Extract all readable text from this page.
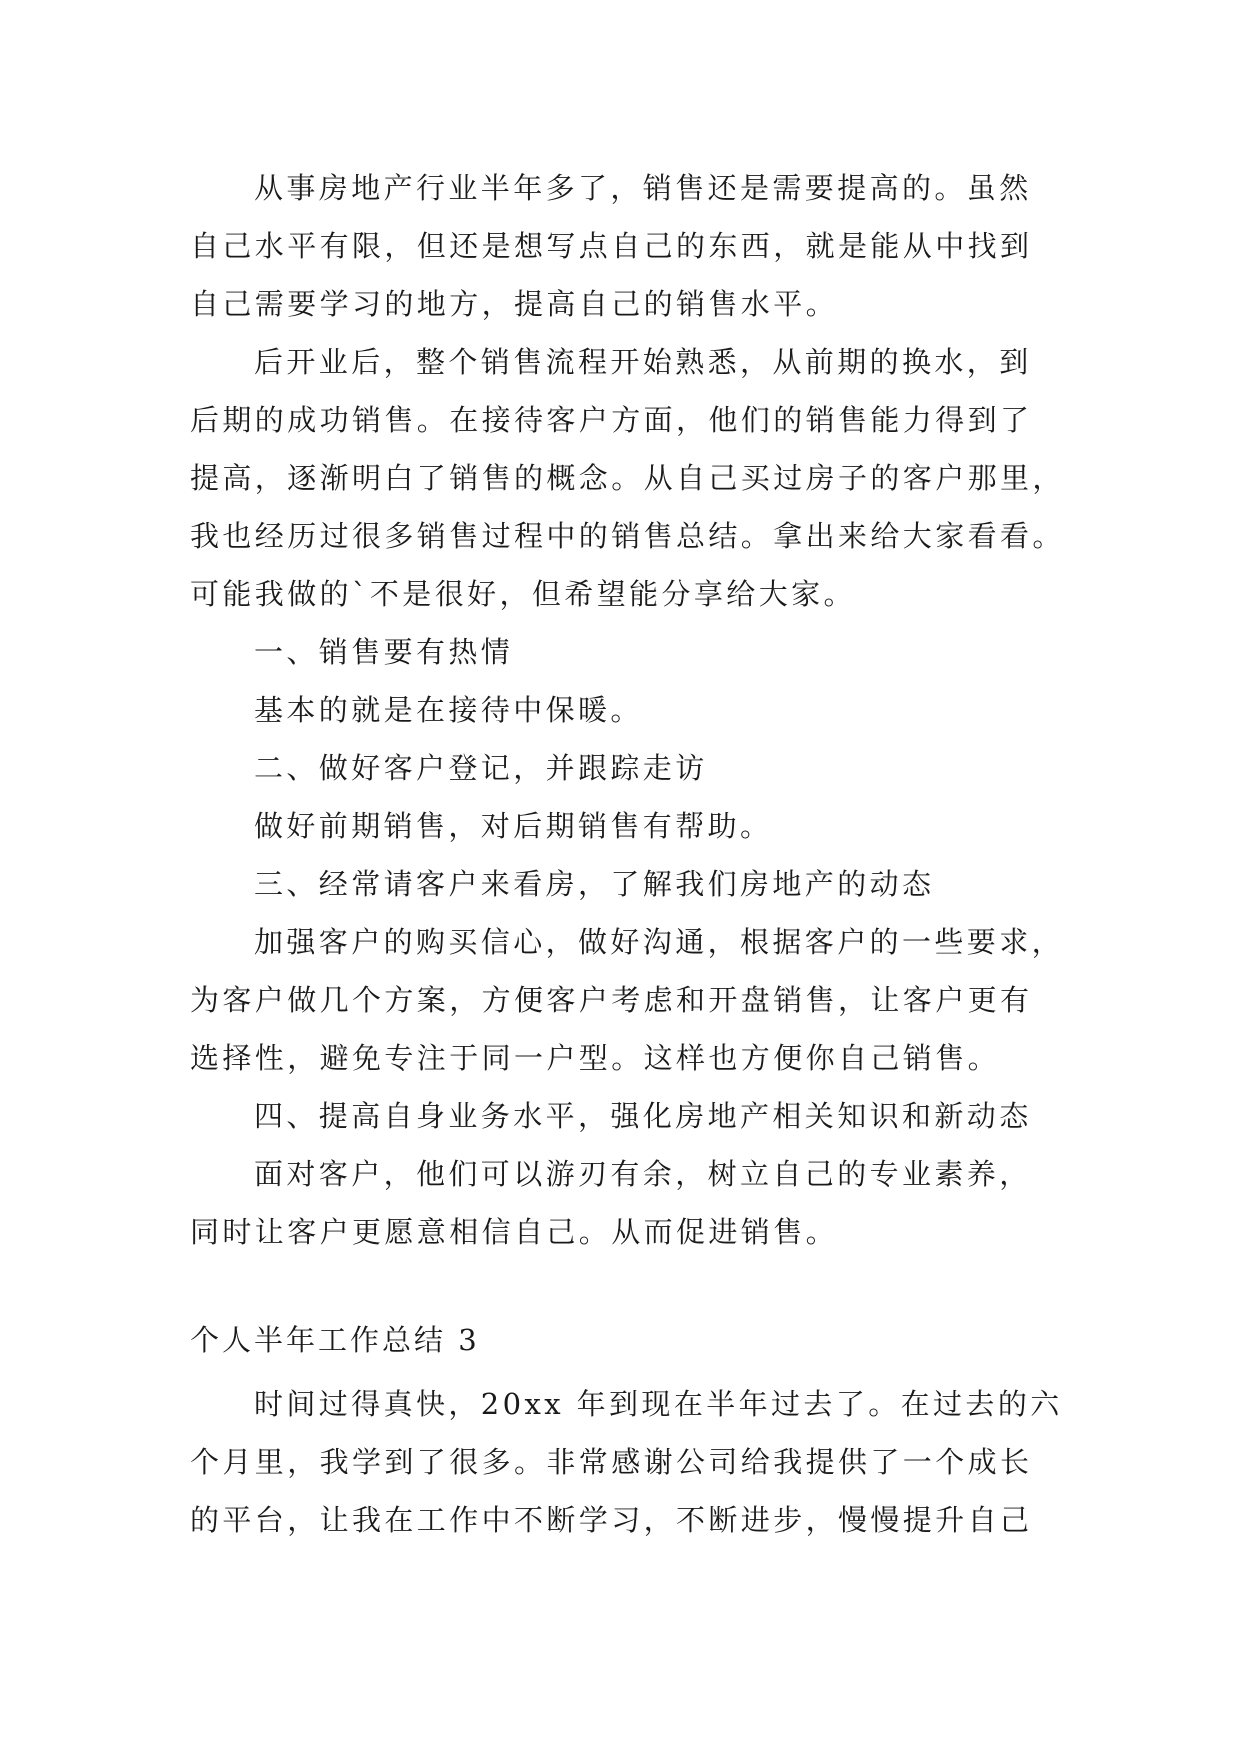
从事房地产行业半年多了，销售还是需要提高的。虽然
自己水平有限，但还是想写点自己的东西，就是能从中找到
自己需要学习的地方，提高自己的销售水平。
后开业后，整个销售流程开始熟悉，从前期的换水，到
后期的成功销售。在接待客户方面，他们的销售能力得到了
提高，逐渐明白了销售的概念。从自己买过房子的客户那里，
我也经历过很多销售过程中的销售总结。拿出来给大家看看。
可能我做的`不是很好，但希望能分享给大家。
一、销售要有热情
基本的就是在接待中保暖。
二、做好客户登记，并跟踪走访
做好前期销售，对后期销售有帮助。
三、经常请客户来看房，了解我们房地产的动态
加强客户的购买信心，做好沟通，根据客户的一些要求，
为客户做几个方案，方便客户考虑和开盘销售，让客户更有
选择性，避免专注于同一户型。这样也方便你自己销售。
四、提高自身业务水平，强化房地产相关知识和新动态
面对客户，他们可以游刃有余，树立自己的专业素养，
同时让客户更愿意相信自己。从而促进销售。
个人半年工作总结 3
时间过得真快，20xx 年到现在半年过去了。在过去的六
个月里，我学到了很多。非常感谢公司给我提供了一个成长
的平台，让我在工作中不断学习，不断进步，慢慢提升自己
